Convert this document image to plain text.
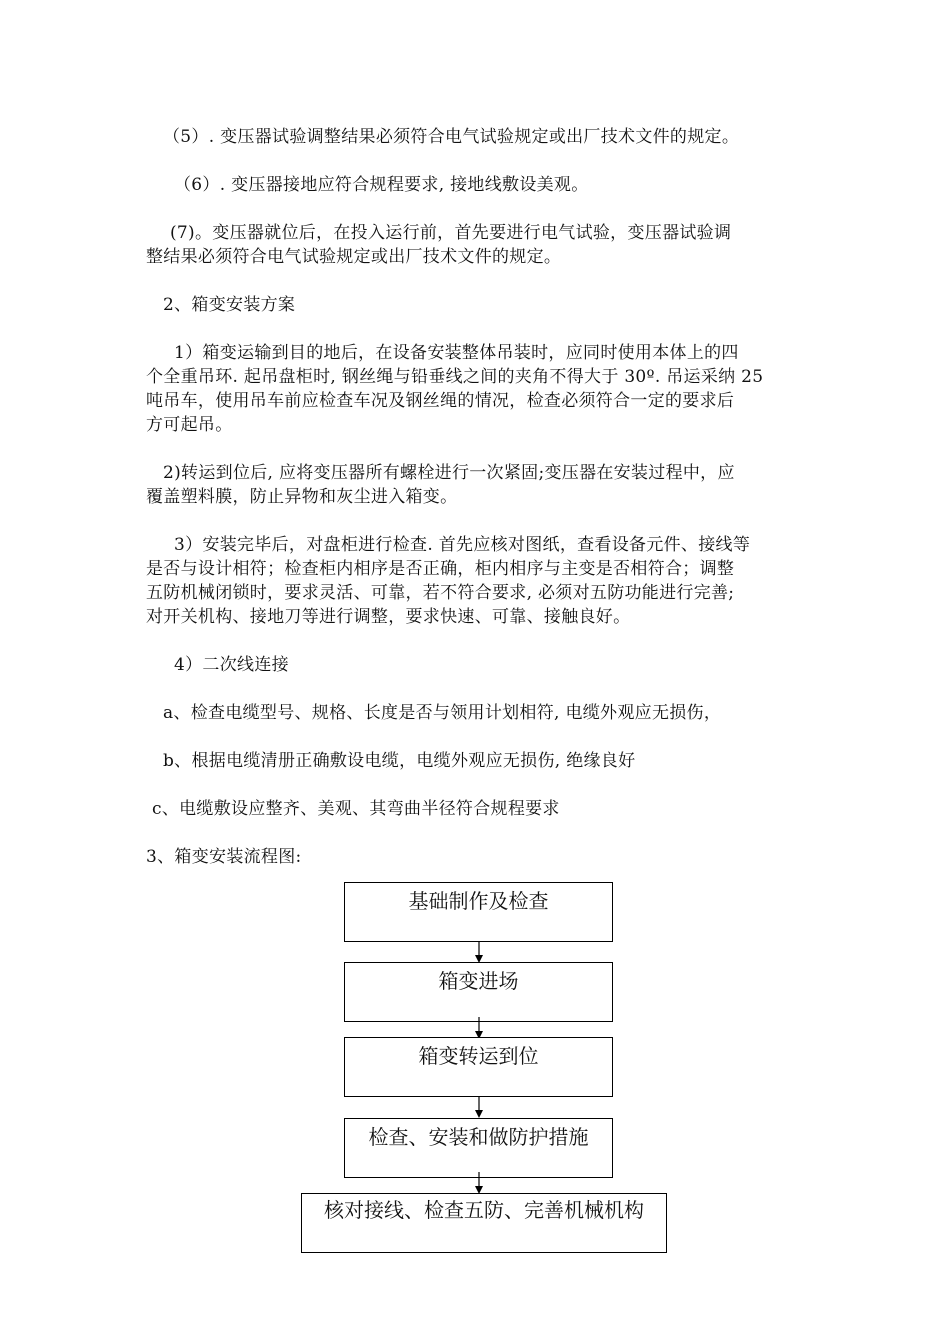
（5）. 变压器试验调整结果必须符合电气试验规定或出厂技术文件的规定。
（6）. 变压器接地应符合规程要求, 接地线敷设美观。
(7)。变压器就位后，在投入运行前，首先要进行电气试验，变压器试验调
整结果必须符合电气试验规定或出厂技术文件的规定。
2、箱变安装方案
1）箱变运输到目的地后，在设备安装整体吊装时，应同时使用本体上的四
个全重吊环. 起吊盘柜时, 钢丝绳与铅垂线之间的夹角不得大于 30º. 吊运采纳 25
吨吊车，使用吊车前应检查车况及钢丝绳的情况，检查必须符合一定的要求后
方可起吊。
2)转运到位后, 应将变压器所有螺栓进行一次紧固;变压器在安装过程中，应
覆盖塑料膜，防止异物和灰尘进入箱变。
3）安装完毕后，对盘柜进行检查. 首先应核对图纸，查看设备元件、接线等
是否与设计相符；检查柜内相序是否正确，柜内相序与主变是否相符合；调整
五防机械闭锁时，要求灵活、可靠，若不符合要求, 必须对五防功能进行完善;
对开关机构、接地刀等进行调整，要求快速、可靠、接触良好。
4）二次线连接
a、检查电缆型号、规格、长度是否与领用计划相符, 电缆外观应无损伤，
b、根据电缆清册正确敷设电缆，电缆外观应无损伤, 绝缘良好
c、电缆敷设应整齐、美观、其弯曲半径符合规程要求
3、箱变安装流程图:
基础制作及检查
箱变进场
箱变转运到位
检查、安装和做防护措施
核对接线、检查五防、完善机械机构
